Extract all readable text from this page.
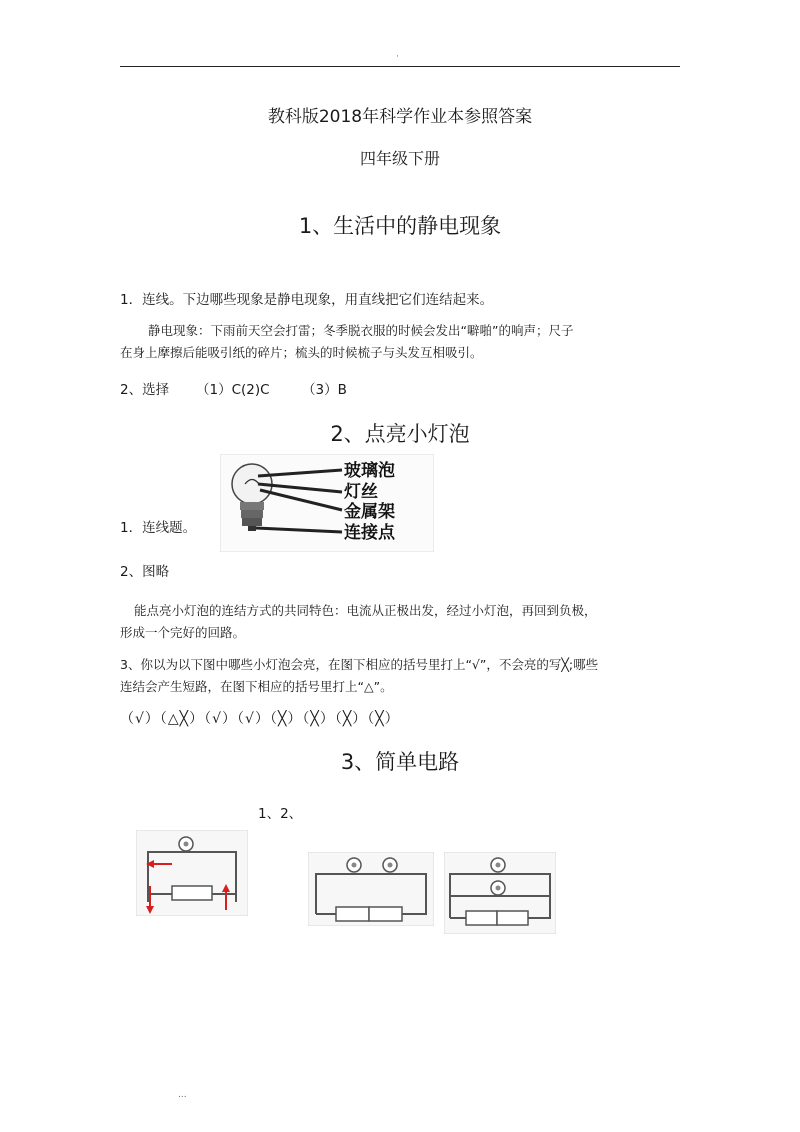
·
教科版2018年科学作业本参照答案
四年级下册
1、生活中的静电现象
1．连线。下边哪些现象是静电现象，用直线把它们连结起来。
静电现象：下雨前天空会打雷；冬季脱衣服的时候会发出“噼啪”的响声；尺子
在身上摩擦后能吸引纸的碎片；梳头的时候梳子与头发互相吸引。
2、选择 （1）C(2)C （3）B
2、点亮小灯泡
玻璃泡
灯丝
金属架
连接点
1．连线题。
2、图略
能点亮小灯泡的连结方式的共同特色：电流从正极出发，经过小灯泡，再回到负极，
形成一个完好的回路。
3、你以为以下图中哪些小灯泡会亮，在图下相应的括号里打上“√”，不会亮的写╳;哪些
连结会产生短路，在图下相应的括号里打上“△”。
（√）（△╳）（√）（√）（╳）（╳）（╳）（╳）
3、简单电路
1、2、
...
